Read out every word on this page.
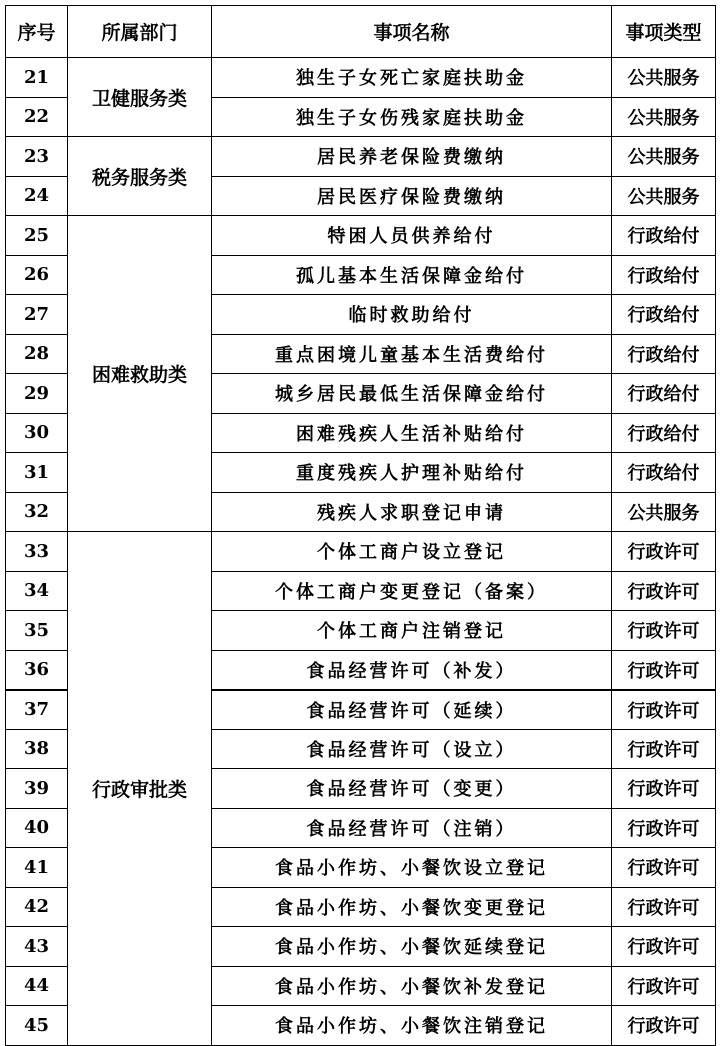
序号	所属部门	事项名称	事项类型
21	卫健服务类	独生子女死亡家庭扶助金	公共服务
22		独生子女伤残家庭扶助金	公共服务
23	税务服务类	居民养老保险费缴纳	公共服务
24		居民医疗保险费缴纳	公共服务
25	困难救助类	特困人员供养给付	行政给付
26		孤儿基本生活保障金给付	行政给付
27		临时救助给付	行政给付
28		重点困境儿童基本生活费给付	行政给付
29		城乡居民最低生活保障金给付	行政给付
30		困难残疾人生活补贴给付	行政给付
31		重度残疾人护理补贴给付	行政给付
32		残疾人求职登记申请	公共服务
33	行政审批类	个体工商户设立登记	行政许可
34		个体工商户变更登记（备案）	行政许可
35		个体工商户注销登记	行政许可
36		食品经营许可（补发）	行政许可
37		食品经营许可（延续）	行政许可
38		食品经营许可（设立）	行政许可
39		食品经营许可（变更）	行政许可
40		食品经营许可（注销）	行政许可
41		食品小作坊、小餐饮设立登记	行政许可
42		食品小作坊、小餐饮变更登记	行政许可
43		食品小作坊、小餐饮延续登记	行政许可
44		食品小作坊、小餐饮补发登记	行政许可
45		食品小作坊、小餐饮注销登记	行政许可
